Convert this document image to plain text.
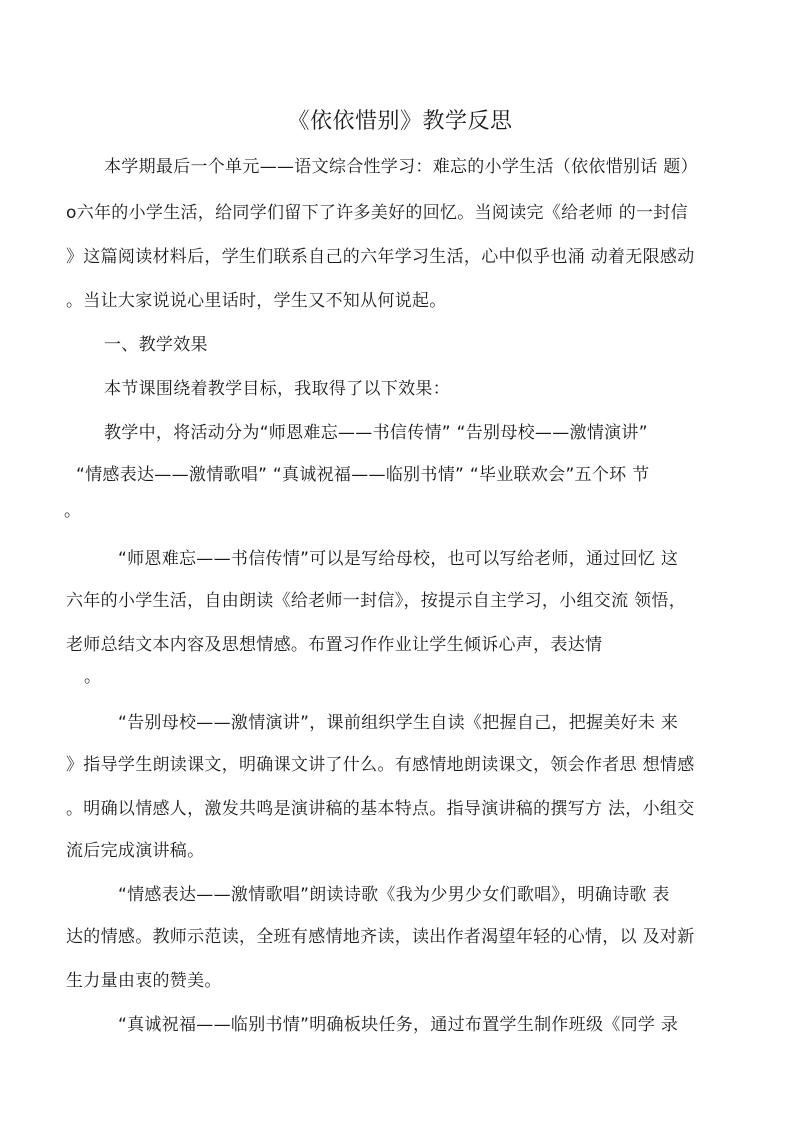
《依依惜别》教学反思
本学期最后一个单元——语文综合性学习：难忘的小学生活（依依惜别话 题）
o六年的小学生活，给同学们留下了许多美好的回忆。当阅读完《给老师 的一封信
》这篇阅读材料后，学生们联系自己的六年学习生活，心中似乎也涌 动着无限感动
。当让大家说说心里话时，学生又不知从何说起。
一、教学效果
本节课围绕着教学目标，我取得了以下效果：
教学中，将活动分为“师恩难忘——书信传情” “告别母校——激情演讲”
“情感表达——激情歌唱” “真诚祝福——临别书情” “毕业联欢会”五个环 节
。
“师恩难忘——书信传情”可以是写给母校，也可以写给老师，通过回忆 这
六年的小学生活，自由朗读《给老师一封信》，按提示自主学习，小组交流 领悟，
老师总结文本内容及思想情感。布置习作作业让学生倾诉心声，表达情
。
“告别母校——激情演讲”，课前组织学生自读《把握自己，把握美好未 来
》指导学生朗读课文，明确课文讲了什么。有感情地朗读课文，领会作者思 想情感
。明确以情感人，激发共鸣是演讲稿的基本特点。指导演讲稿的撰写方 法，小组交
流后完成演讲稿。
“情感表达——激情歌唱”朗读诗歌《我为少男少女们歌唱》，明确诗歌 表
达的情感。教师示范读，全班有感情地齐读，读出作者渴望年轻的心情，以 及对新
生力量由衷的赞美。
“真诚祝福——临别书情”明确板块任务，通过布置学生制作班级《同学 录
